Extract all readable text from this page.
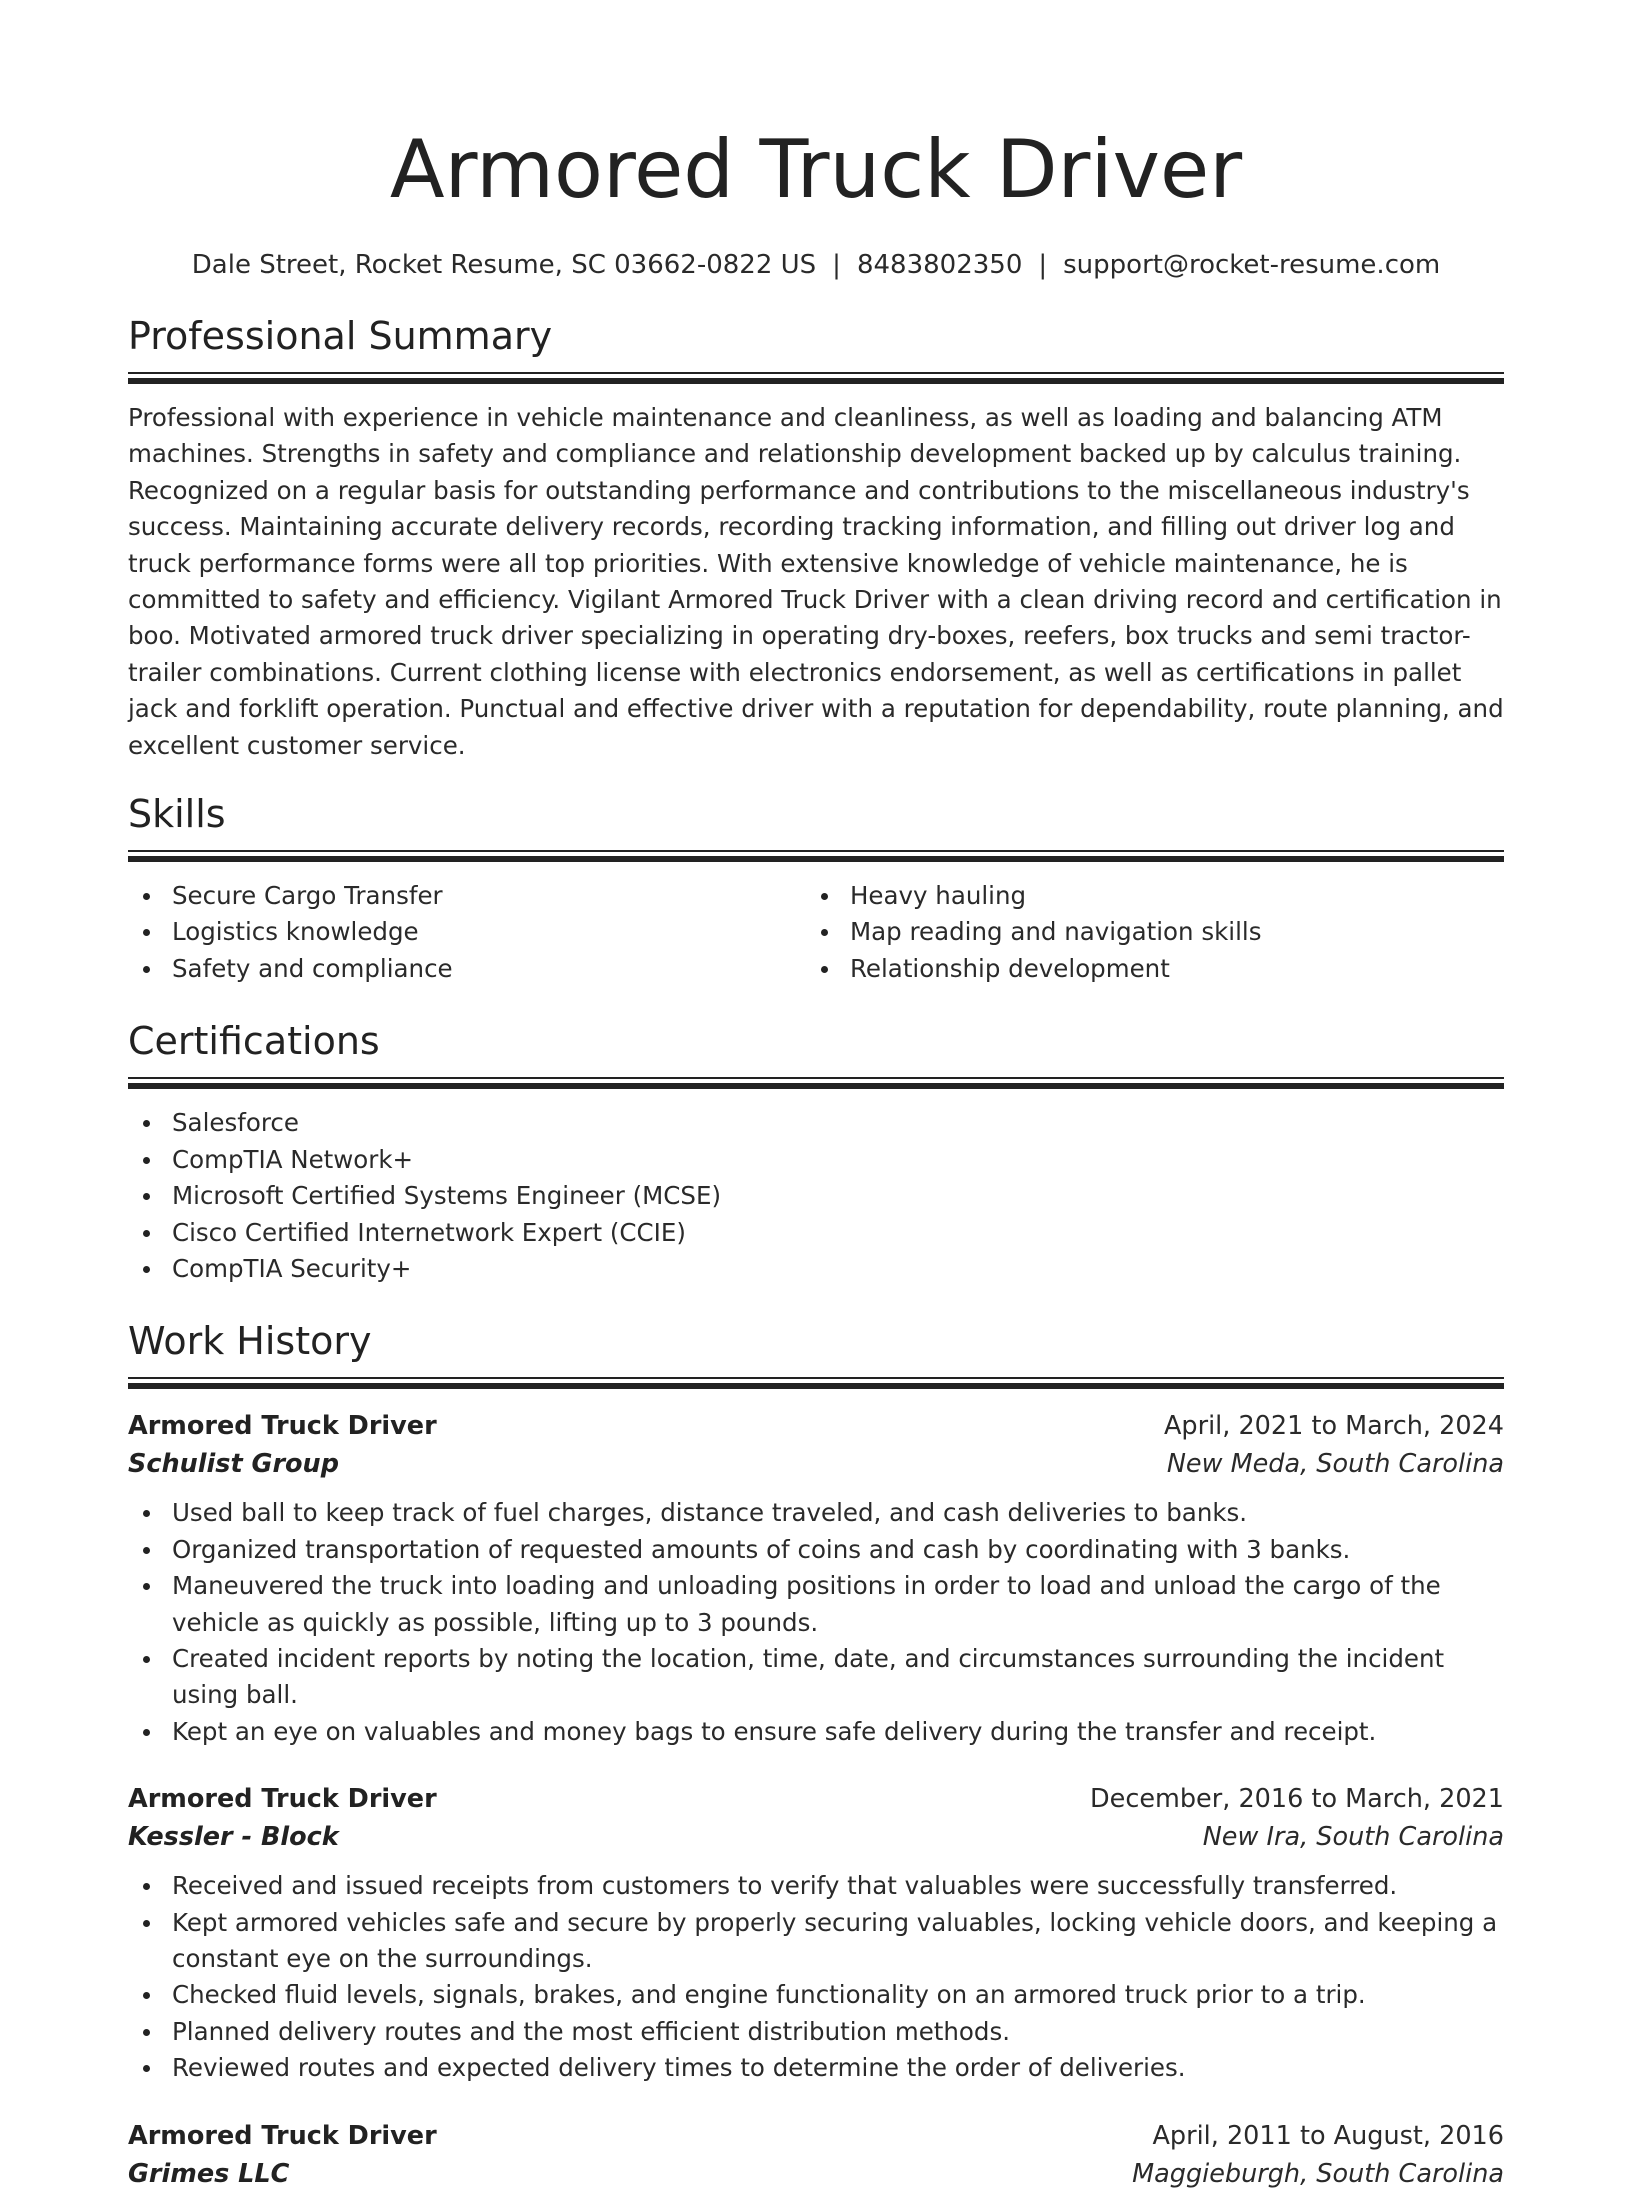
Armored Truck Driver
Dale Street, Rocket Resume, SC 03662-0822 US | 8483802350 | support@rocket-resume.com
Professional Summary

Professional with experience in vehicle maintenance and cleanliness, as well as loading and balancing ATM machines. Strengths in safety and compliance and relationship development backed up by calculus training. Recognized on a regular basis for outstanding performance and contributions to the miscellaneous industry's success. Maintaining accurate delivery records, recording tracking information, and filling out driver log and truck performance forms were all top priorities. With extensive knowledge of vehicle maintenance, he is committed to safety and efficiency. Vigilant Armored Truck Driver with a clean driving record and certification in boo. Motivated armored truck driver specializing in operating dry-boxes, reefers, box trucks and semi tractor-trailer combinations. Current clothing license with electronics endorsement, as well as certifications in pallet jack and forklift operation. Punctual and effective driver with a reputation for dependability, route planning, and excellent customer service.

Skills
Secure Cargo Transfer
Logistics knowledge
Safety and compliance
Heavy hauling
Map reading and navigation skills
Relationship development
Certifications
Salesforce
CompTIA Network+
Microsoft Certified Systems Engineer (MCSE)
Cisco Certified Internetwork Expert (CCIE)
CompTIA Security+
Work History
Armored Truck Driver	April, 2021 to March, 2024
Schulist Group	New Meda, South Carolina
Used ball to keep track of fuel charges, distance traveled, and cash deliveries to banks.
Organized transportation of requested amounts of coins and cash by coordinating with 3 banks.
Maneuvered the truck into loading and unloading positions in order to load and unload the cargo of the vehicle as quickly as possible, lifting up to 3 pounds.
Created incident reports by noting the location, time, date, and circumstances surrounding the incident using ball.
Kept an eye on valuables and money bags to ensure safe delivery during the transfer and receipt.
Armored Truck Driver	December, 2016 to March, 2021
Kessler - Block	New Ira, South Carolina
Received and issued receipts from customers to verify that valuables were successfully transferred.
Kept armored vehicles safe and secure by properly securing valuables, locking vehicle doors, and keeping a constant eye on the surroundings.
Checked fluid levels, signals, brakes, and engine functionality on an armored truck prior to a trip.
Planned delivery routes and the most efficient distribution methods.
Reviewed routes and expected delivery times to determine the order of deliveries.
Armored Truck Driver	April, 2011 to August, 2016
Grimes LLC	Maggieburgh, South Carolina
